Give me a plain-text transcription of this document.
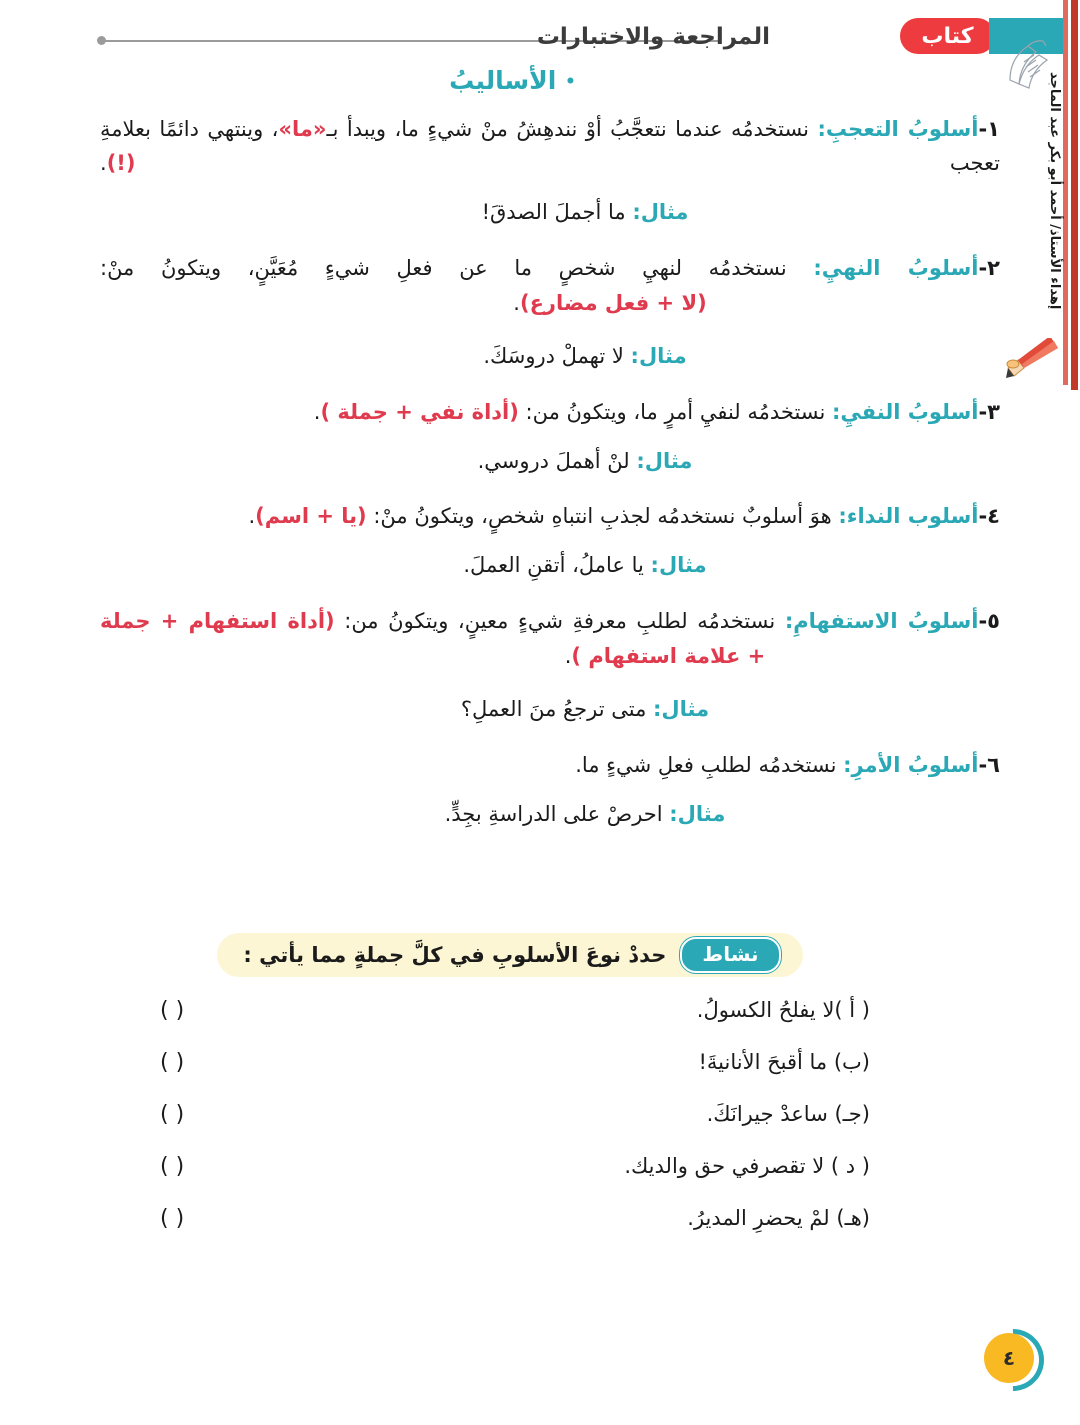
المراجعة والاختبارات	كتاب
إهداء الأستاذ/ أحمد أبو بكر عبد الماجد
• الأساليبُ

١-أسلوبُ التعجبِ: نستخدمُه عندما نتعجَّبُ أوْ نندهِشُ منْ شيءٍ ما، ويبدأ بـ«ما»، وينتهي دائمًا بعلامةِ تعجب (!).

مثال: ما أجملَ الصدقَ!

٢-أسلوبُ النهيِ: نستخدمُه لنهيِ شخصٍ ما عن فعلِ شيءٍ مُعَيَّنٍ، ويتكونُ منْ:

(لا + فعل مضارع).

مثال: لا تهملْ دروسَكَ.

٣-أسلوبُ النفيِ: نستخدمُه لنفيِ أمرٍ ما، ويتكونُ من: (أداة نفي + جملة ).

مثال: لنْ أهملَ دروسي.

٤-أسلوب النداء: هوَ أسلوبٌ نستخدمُه لجذبِ انتباهِ شخصٍ، ويتكونُ منْ: (يا + اسم).

مثال: يا عاملُ، أتقنِ العملَ.

٥-أسلوبُ الاستفهامِ: نستخدمُه لطلبِ معرفةِ شيءٍ معينٍ، ويتكونُ من: (أداة استفهام + جملة

+ علامة استفهام ).

مثال: متى ترجعُ منَ العملِ؟

٦-أسلوبُ الأمرِ: نستخدمُه لطلبِ فعلِ شيءٍ ما.

مثال: احرصْ على الدراسةِ بجِدٍّ.

نشاط
حددْ نوعَ الأسلوبِ في كلَّ جملةٍ مما يأتي :
( أ )لا يفلحُ الكسولُ.
( )
(ب) ما أقبحَ الأنانيةَ!
( )
(جـ) ساعدْ جيرانَكَ.
( )
( د ) لا تقصرفي حق والديك.
( )
(هـ) لمْ يحضرِ المديرُ.
( )
٤
